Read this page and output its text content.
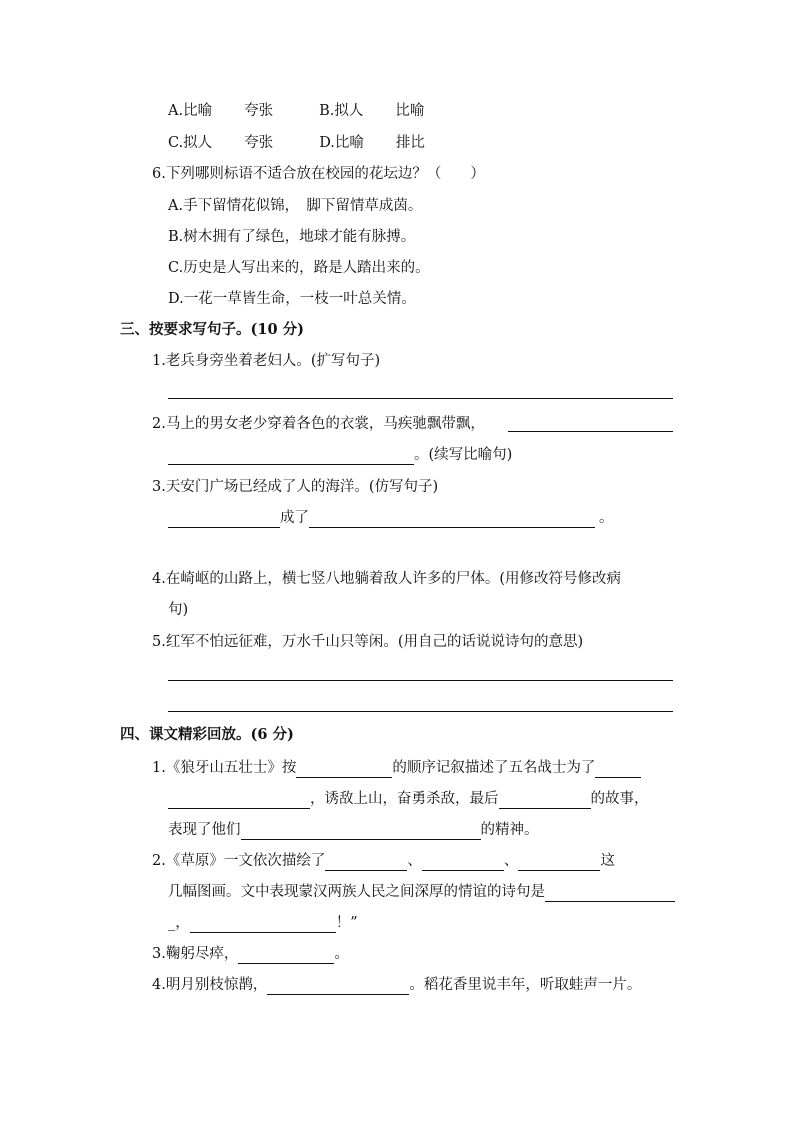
A.比喻 夸张	B.拟人 比喻
C.拟人 夸张	D.比喻 排比
6.下列哪则标语不适合放在校园的花坛边？（　　）
A.手下留情花似锦，　脚下留情草成茵。
B.树木拥有了绿色，地球才能有脉搏。
C.历史是人写出来的，路是人踏出来的。
D.一花一草皆生命，一枝一叶总关情。
三、按要求写句子。(10 分)
1.老兵身旁坐着老妇人。(扩写句子)
2.马上的男女老少穿着各色的衣裳，马疾驰飘带飘，
。(续写比喻句)
3.天安门广场已经成了人的海洋。(仿写句子)
成了	。
4.在崎岖的山路上，横七竖八地躺着敌人许多的尸体。(用修改符号修改病
句)
5.红军不怕远征难，万水千山只等闲。(用自己的话说说诗句的意思)
四、课文精彩回放。(6 分)
1.《狼牙山五壮士》按	的顺序记叙描述了五名战士为了
，诱敌上山，奋勇杀敌，最后	的故事，
表现了他们	的精神。
2.《草原》一文依次描绘了	、	、	这
几幅图画。文中表现蒙汉两族人民之间深厚的情谊的诗句是
_，	！”
3.鞠躬尽瘁，	。
4.明月别枝惊鹊，	。稻花香里说丰年，听取蛙声一片。
